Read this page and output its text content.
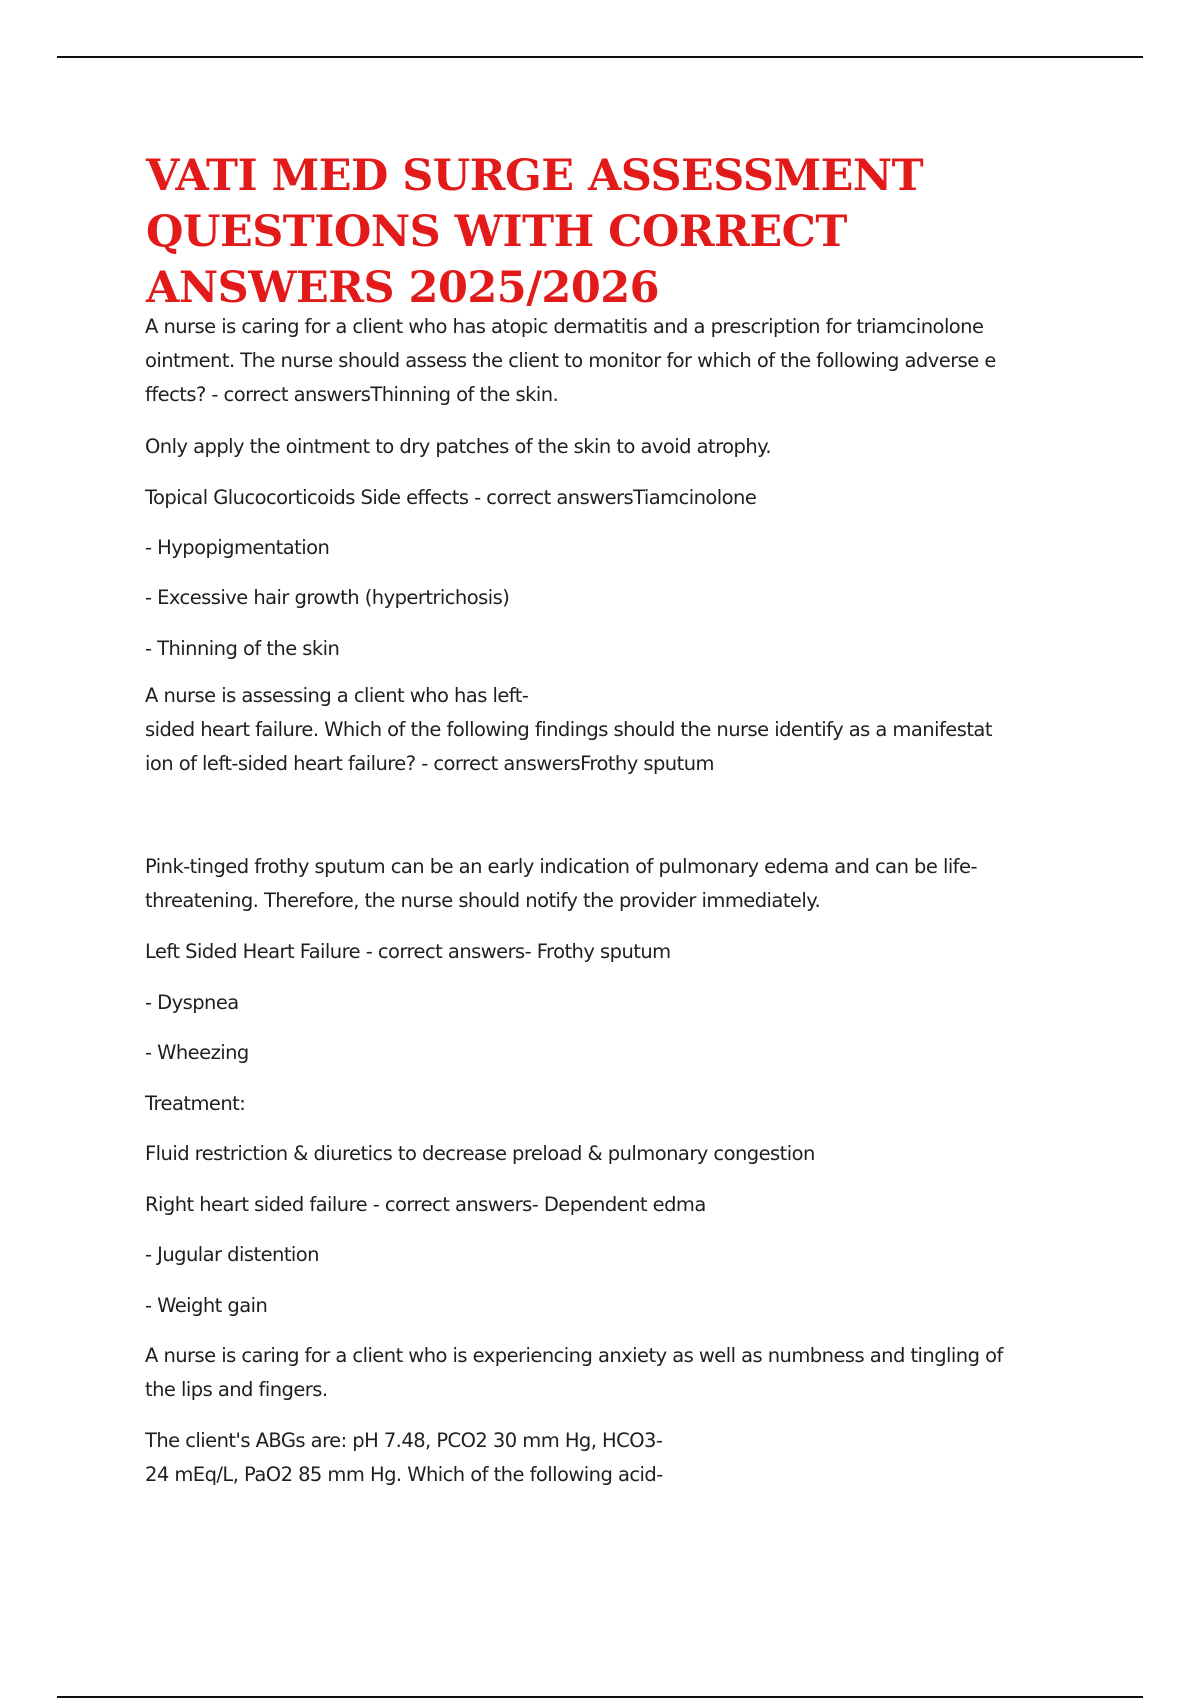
VATI MED SURGE ASSESSMENT
QUESTIONS WITH CORRECT
ANSWERS 2025/2026

A nurse is caring for a client who has atopic dermatitis and a prescription for triamcinolone
ointment. The nurse should assess the client to monitor for which of the following adverse e
ffects? - correct answersThinning of the skin.

Only apply the ointment to dry patches of the skin to avoid atrophy.

Topical Glucocorticoids Side effects - correct answersTiamcinolone

- Hypopigmentation

- Excessive hair growth (hypertrichosis)

- Thinning of the skin

A nurse is assessing a client who has left-
sided heart failure. Which of the following findings should the nurse identify as a manifestat
ion of left-sided heart failure? - correct answersFrothy sputum

Pink-tinged frothy sputum can be an early indication of pulmonary edema and can be life-
threatening. Therefore, the nurse should notify the provider immediately.

Left Sided Heart Failure - correct answers- Frothy sputum

- Dyspnea

- Wheezing

Treatment:

Fluid restriction & diuretics to decrease preload & pulmonary congestion

Right heart sided failure - correct answers- Dependent edma

- Jugular distention

- Weight gain

A nurse is caring for a client who is experiencing anxiety as well as numbness and tingling of
the lips and fingers.

The client's ABGs are: pH 7.48, PCO2 30 mm Hg, HCO3-
24 mEq/L, PaO2 85 mm Hg. Which of the following acid-
